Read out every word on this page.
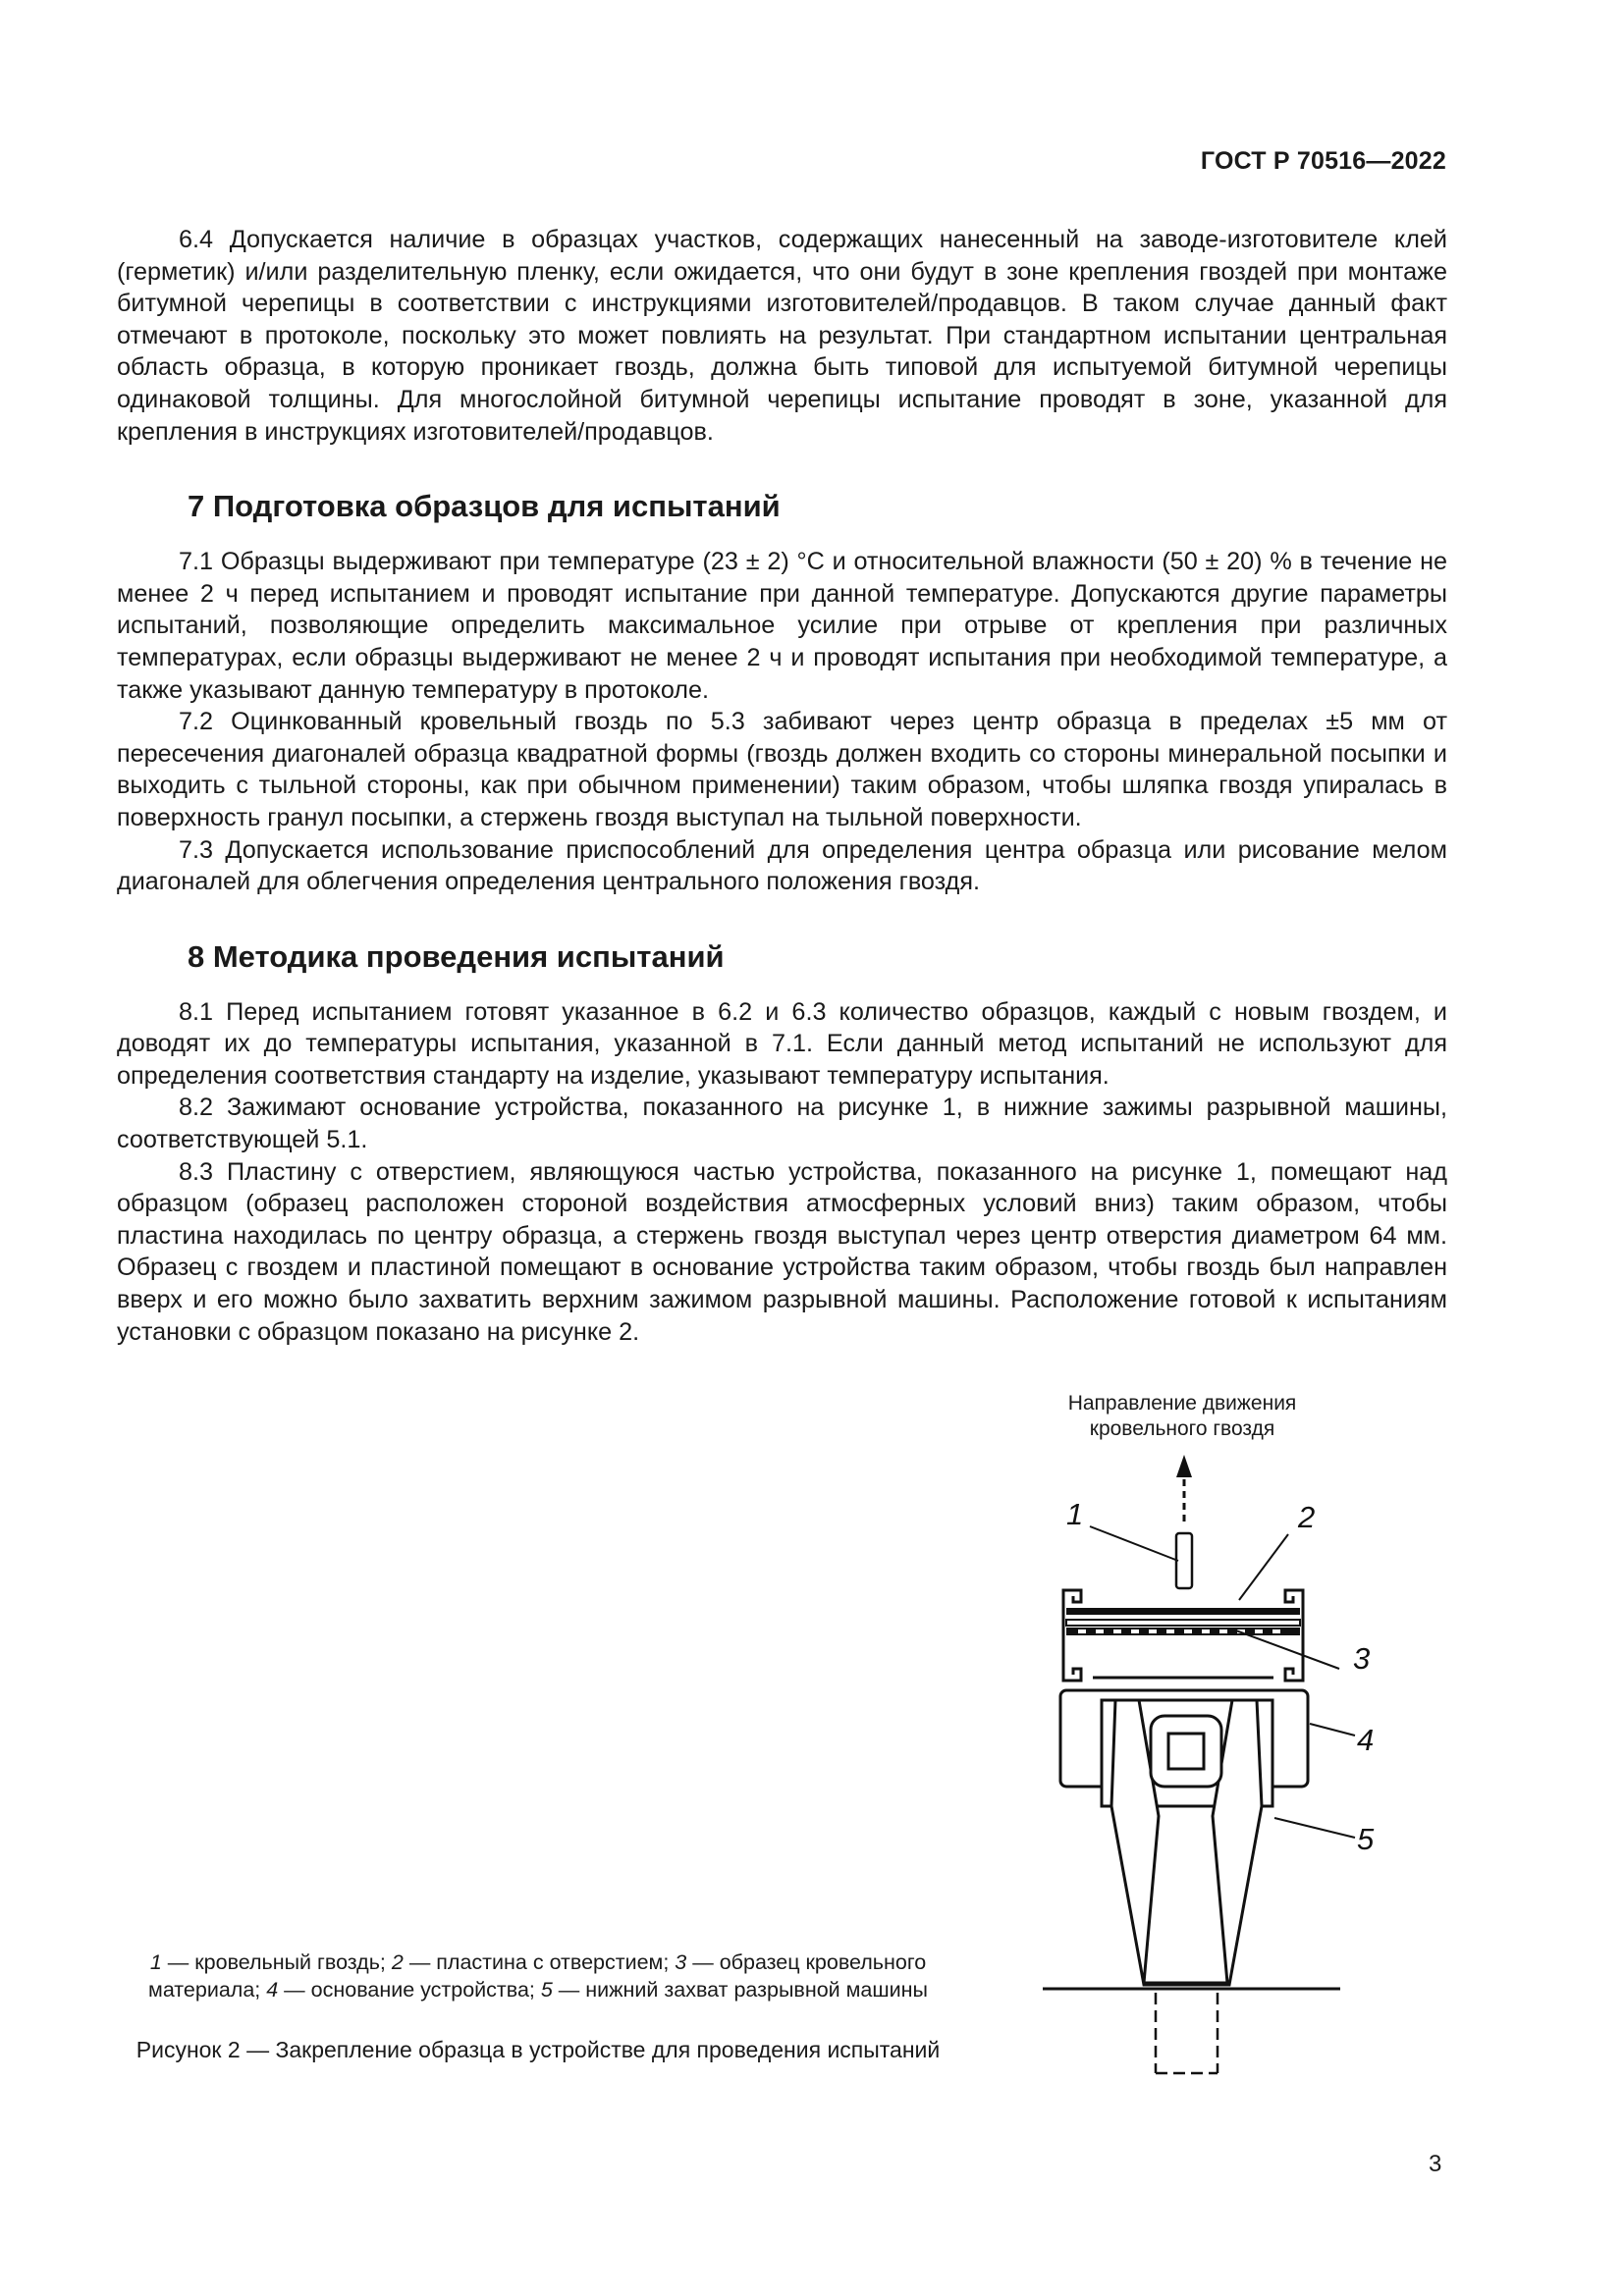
ГОСТ Р 70516—2022

6.4 Допускается наличие в образцах участков, содержащих нанесенный на заводе-изготовителе клей (герметик) и/или разделительную пленку, если ожидается, что они будут в зоне крепления гвоздей при монтаже битумной черепицы в соответствии с инструкциями изготовителей/продавцов. В таком случае данный факт отмечают в протоколе, поскольку это может повлиять на результат. При стандартном испытании центральная область образца, в которую проникает гвоздь, должна быть типовой для испытуемой битумной черепицы одинаковой толщины. Для многослойной битумной черепицы испытание проводят в зоне, указанной для крепления в инструкциях изготовителей/продавцов.

7 Подготовка образцов для испытаний

7.1 Образцы выдерживают при температуре (23 ± 2) °С и относительной влажности (50 ± 20) % в течение не менее 2 ч перед испытанием и проводят испытание при данной температуре. Допускаются другие параметры испытаний, позволяющие определить максимальное усилие при отрыве от крепления при различных температурах, если образцы выдерживают не менее 2 ч и проводят испытания при необходимой температуре, а также указывают данную температуру в протоколе.

7.2 Оцинкованный кровельный гвоздь по 5.3 забивают через центр образца в пределах ±5 мм от пересечения диагоналей образца квадратной формы (гвоздь должен входить со стороны минеральной посыпки и выходить с тыльной стороны, как при обычном применении) таким образом, чтобы шляпка гвоздя упиралась в поверхность гранул посыпки, а стержень гвоздя выступал на тыльной поверхности.

7.3 Допускается использование приспособлений для определения центра образца или рисование мелом диагоналей для облегчения определения центрального положения гвоздя.

8 Методика проведения испытаний

8.1 Перед испытанием готовят указанное в 6.2 и 6.3 количество образцов, каждый с новым гвоздем, и доводят их до температуры испытания, указанной в 7.1. Если данный метод испытаний не используют для определения соответствия стандарту на изделие, указывают температуру испытания.

8.2 Зажимают основание устройства, показанного на рисунке 1, в нижние зажимы разрывной машины, соответствующей 5.1.

8.3 Пластину с отверстием, являющуюся частью устройства, показанного на рисунке 1, помещают над образцом (образец расположен стороной воздействия атмосферных условий вниз) таким образом, чтобы пластина находилась по центру образца, а стержень гвоздя выступал через центр отверстия диаметром 64 мм. Образец с гвоздем и пластиной помещают в основание устройства таким образом, чтобы гвоздь был направлен вверх и его можно было захватить верхним зажимом разрывной машины. Расположение готовой к испытаниям установки с образцом показано на рисунке 2.

Направление движения
кровельного гвоздя
1	2
3
4
5
1 — кровельный гвоздь; 2 — пластина с отверстием; 3 — образец кровельного материала; 4 — основание устройства; 5 — нижний захват разрывной машины
Рисунок 2 — Закрепление образца в устройстве для проведения испытаний
3
